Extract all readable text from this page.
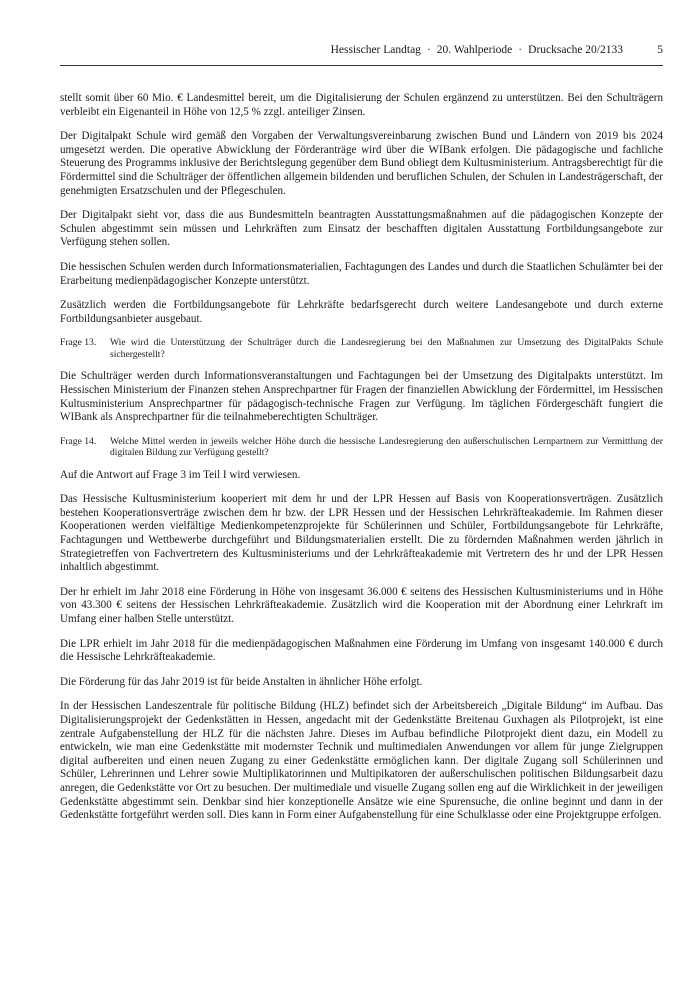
Hessischer Landtag · 20. Wahlperiode · Drucksache 20/2133	5

stellt somit über 60 Mio. € Landesmittel bereit, um die Digitalisierung der Schulen ergänzend zu unterstützen. Bei den Schulträgern verbleibt ein Eigenanteil in Höhe von 12,5 % zzgl. anteiliger Zinsen.

Der Digitalpakt Schule wird gemäß den Vorgaben der Verwaltungsvereinbarung zwischen Bund und Ländern von 2019 bis 2024 umgesetzt werden. Die operative Abwicklung der Förderanträge wird über die WIBank erfolgen. Die pädagogische und fachliche Steuerung des Programms inklusive der Berichtslegung gegenüber dem Bund obliegt dem Kultusministerium. Antragsberechtigt für die Fördermittel sind die Schulträger der öffentlichen allgemein bildenden und beruflichen Schulen, der Schulen in Landesträgerschaft, der genehmigten Ersatzschulen und der Pflegeschulen.

Der Digitalpakt sieht vor, dass die aus Bundesmitteln beantragten Ausstattungsmaßnahmen auf die pädagogischen Konzepte der Schulen abgestimmt sein müssen und Lehrkräften zum Einsatz der beschafften digitalen Ausstattung Fortbildungsangebote zur Verfügung stehen sollen.

Die hessischen Schulen werden durch Informationsmaterialien, Fachtagungen des Landes und durch die Staatlichen Schulämter bei der Erarbeitung medienpädagogischer Konzepte unterstützt.

Zusätzlich werden die Fortbildungsangebote für Lehrkräfte bedarfsgerecht durch weitere Landesangebote und durch externe Fortbildungsanbieter ausgebaut.

Frage 13.	Wie wird die Unterstützung der Schulträger durch die Landesregierung bei den Maßnahmen zur Umsetzung des DigitalPakts Schule sichergestellt?

Die Schulträger werden durch Informationsveranstaltungen und Fachtagungen bei der Umsetzung des Digitalpakts unterstützt. Im Hessischen Ministerium der Finanzen stehen Ansprechpartner für Fragen der finanziellen Abwicklung der Fördermittel, im Hessischen Kultusministerium Ansprechpartner für pädagogisch-technische Fragen zur Verfügung. Im täglichen Fördergeschäft fungiert die WIBank als Ansprechpartner für die teilnahmeberechtigten Schulträger.

Frage 14.	Welche Mittel werden in jeweils welcher Höhe durch die hessische Landesregierung den außerschulischen Lernpartnern zur Vermittlung der digitalen Bildung zur Verfügung gestellt?

Auf die Antwort auf Frage 3 im Teil I wird verwiesen.

Das Hessische Kultusministerium kooperiert mit dem hr und der LPR Hessen auf Basis von Kooperationsverträgen. Zusätzlich bestehen Kooperationsverträge zwischen dem hr bzw. der LPR Hessen und der Hessischen Lehrkräfteakademie. Im Rahmen dieser Kooperationen werden vielfältige Medienkompetenzprojekte für Schülerinnen und Schüler, Fortbildungsangebote für Lehrkräfte, Fachtagungen und Wettbewerbe durchgeführt und Bildungsmaterialien erstellt. Die zu fördernden Maßnahmen werden jährlich in Strategietreffen von Fachvertretern des Kultusministeriums und der Lehrkräfteakademie mit Vertretern des hr und der LPR Hessen inhaltlich abgestimmt.

Der hr erhielt im Jahr 2018 eine Förderung in Höhe von insgesamt 36.000 € seitens des Hessischen Kultusministeriums und in Höhe von 43.300 € seitens der Hessischen Lehrkräfteakademie. Zusätzlich wird die Kooperation mit der Abordnung einer Lehrkraft im Umfang einer halben Stelle unterstützt.

Die LPR erhielt im Jahr 2018 für die medienpädagogischen Maßnahmen eine Förderung im Umfang von insgesamt 140.000 € durch die Hessische Lehrkräfteakademie.

Die Förderung für das Jahr 2019 ist für beide Anstalten in ähnlicher Höhe erfolgt.

In der Hessischen Landeszentrale für politische Bildung (HLZ) befindet sich der Arbeitsbereich „Digitale Bildung“ im Aufbau. Das Digitalisierungsprojekt der Gedenkstätten in Hessen, angedacht mit der Gedenkstätte Breitenau Guxhagen als Pilotprojekt, ist eine zentrale Aufgabenstellung der HLZ für die nächsten Jahre. Dieses im Aufbau befindliche Pilotprojekt dient dazu, ein Modell zu entwickeln, wie man eine Gedenkstätte mit modernster Technik und multimedialen Anwendungen vor allem für junge Zielgruppen digital aufbereiten und einen neuen Zugang zu einer Gedenkstätte ermöglichen kann. Der digitale Zugang soll Schülerinnen und Schüler, Lehrerinnen und Lehrer sowie Multiplikatorinnen und Multipikatoren der außerschulischen politischen Bildungsarbeit dazu anregen, die Gedenkstätte vor Ort zu besuchen. Der multimediale und visuelle Zugang sollen eng auf die Wirklichkeit in der jeweiligen Gedenkstätte abgestimmt sein. Denkbar sind hier konzeptionelle Ansätze wie eine Spurensuche, die online beginnt und dann in der Gedenkstätte fortgeführt werden soll. Dies kann in Form einer Aufgabenstellung für eine Schulklasse oder eine Projektgruppe erfolgen.
